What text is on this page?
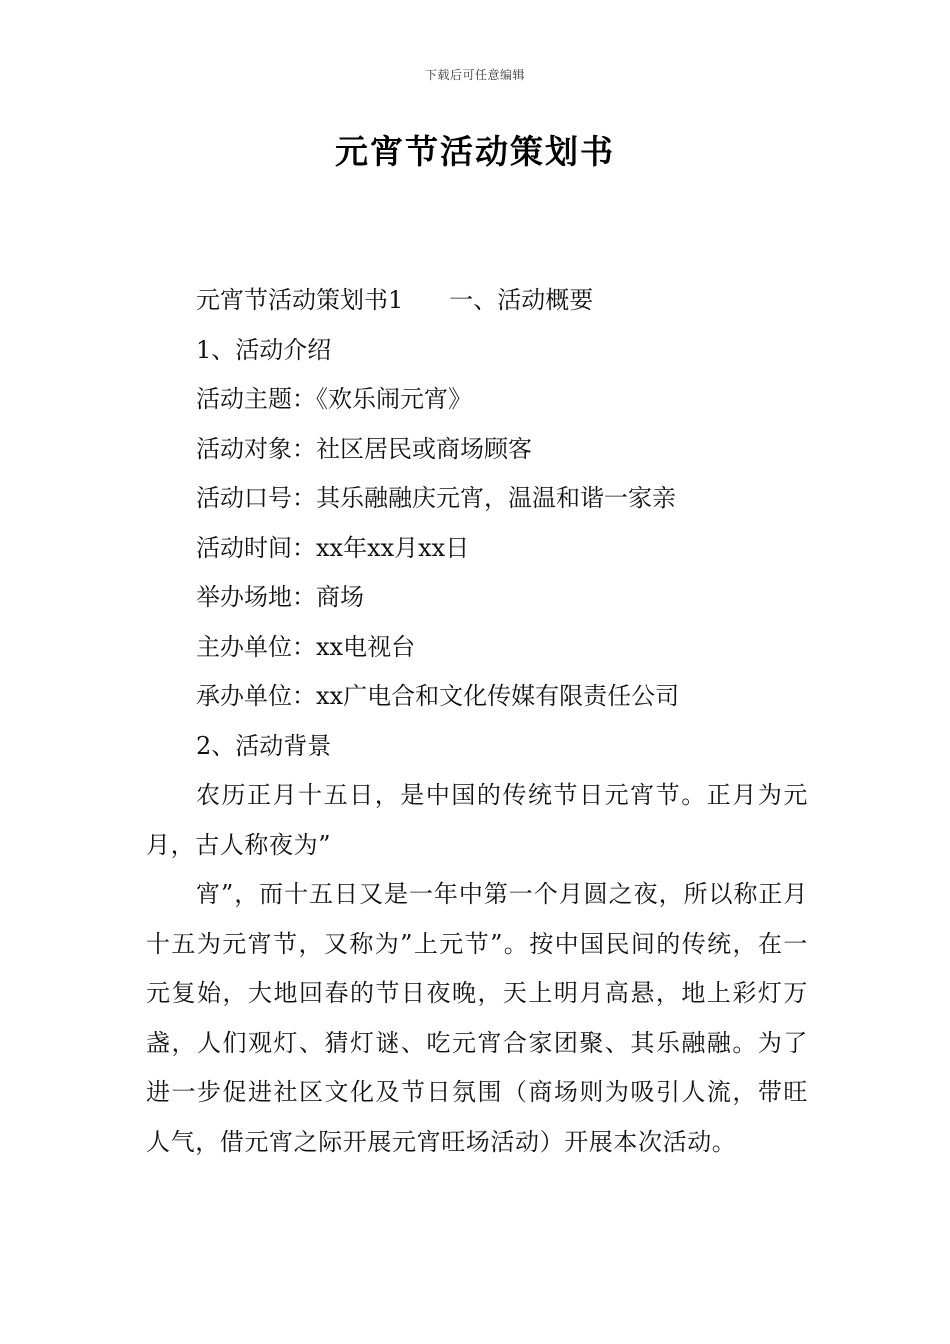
下载后可任意编辑
元宵节活动策划书
元宵节活动策划书1 一、活动概要
1、活动介绍
活动主题：《欢乐闹元宵》
活动对象：社区居民或商场顾客
活动口号：其乐融融庆元宵，温温和谐一家亲
活动时间：xx年xx月xx日
举办场地：商场
主办单位：xx电视台
承办单位：xx广电合和文化传媒有限责任公司
2、活动背景
农历正月十五日，是中国的传统节日元宵节。正月为元月，古人称夜为”
宵”，而十五日又是一年中第一个月圆之夜，所以称正月十五为元宵节，又称为”上元节”。按中国民间的传统，在一元复始，大地回春的节日夜晚，天上明月高悬，地上彩灯万盏，人们观灯、猜灯谜、吃元宵合家团聚、其乐融融。为了进一步促进社区文化及节日氛围（商场则为吸引人流，带旺人气，借元宵之际开展元宵旺场活动）开展本次活动。
